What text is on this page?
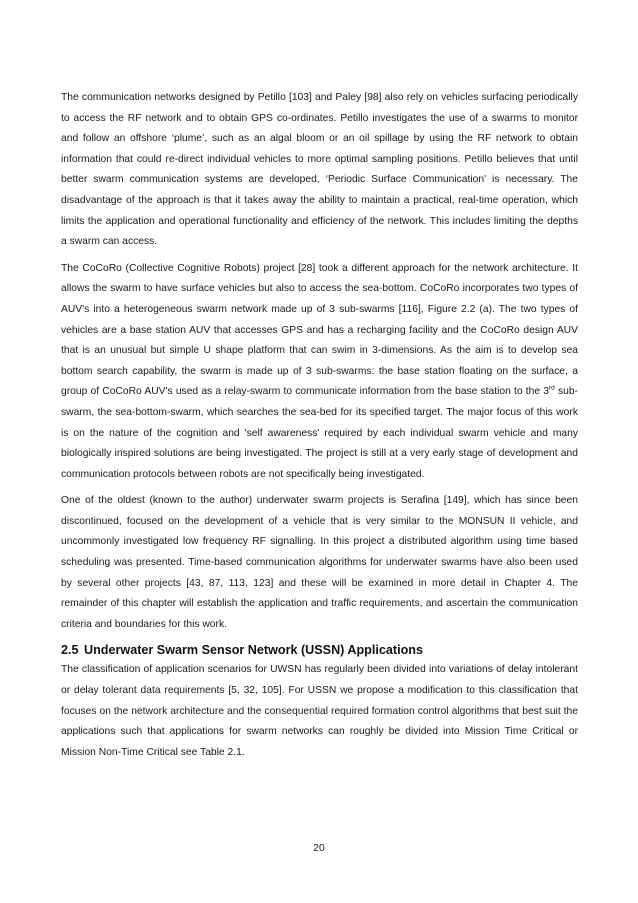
The communication networks designed by Petillo [103] and Paley [98] also rely on vehicles surfacing periodically to access the RF network and to obtain GPS co-ordinates. Petillo investigates the use of a swarms to monitor and follow an offshore ‘plume’, such as an algal bloom or an oil spillage by using the RF network to obtain information that could re-direct individual vehicles to more optimal sampling positions. Petillo believes that until better swarm communication systems are developed, ‘Periodic Surface Communication' is necessary. The disadvantage of the approach is that it takes away the ability to maintain a practical, real-time operation, which limits the application and operational functionality and efficiency of the network. This includes limiting the depths a swarm can access.

The CoCoRo (Collective Cognitive Robots) project [28] took a different approach for the network architecture. It allows the swarm to have surface vehicles but also to access the sea-bottom. CoCoRo incorporates two types of AUV's into a heterogeneous swarm network made up of 3 sub-swarms [116], Figure 2.2 (a). The two types of vehicles are a base station AUV that accesses GPS and has a recharging facility and the CoCoRo design AUV that is an unusual but simple U shape platform that can swim in 3-dimensions. As the aim is to develop sea bottom search capability, the swarm is made up of 3 sub-swarms: the base station floating on the surface, a group of CoCoRo AUV's used as a relay-swarm to communicate information from the base station to the 3rd sub-swarm, the sea-bottom-swarm, which searches the sea-bed for its specified target. The major focus of this work is on the nature of the cognition and 'self awareness' required by each individual swarm vehicle and many biologically inspired solutions are being investigated. The project is still at a very early stage of development and communication protocols between robots are not specifically being investigated.

One of the oldest (known to the author) underwater swarm projects is Serafina [149], which has since been discontinued, focused on the development of a vehicle that is very similar to the MONSUN II vehicle, and uncommonly investigated low frequency RF signalling. In this project a distributed algorithm using time based scheduling was presented. Time-based communication algorithms for underwater swarms have also been used by several other projects [43, 87, 113, 123] and these will be examined in more detail in Chapter 4. The remainder of this chapter will establish the application and traffic requirements, and ascertain the communication criteria and boundaries for this work.

2.5 Underwater Swarm Sensor Network (USSN) Applications

The classification of application scenarios for UWSN has regularly been divided into variations of delay intolerant or delay tolerant data requirements [5, 32, 105]. For USSN we propose a modification to this classification that focuses on the network architecture and the consequential required formation control algorithms that best suit the applications such that applications for swarm networks can roughly be divided into Mission Time Critical or Mission Non-Time Critical see Table 2.1.

20
